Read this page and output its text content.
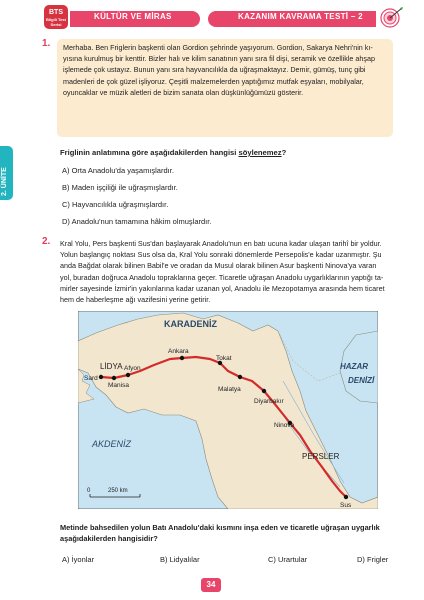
BTS
Bilgili Test Serisi
KÜLTÜR VE MİRAS	KAZANIM KAVRAMA TESTİ – 2
2. ÜNİTE
1. Merhaba. Ben Friglerin başkenti olan Gordion şehrinde yaşıyorum. Gordion, Sakarya Nehri'nin kı-
yısına kurulmuş bir kenttir. Bizler halı ve kilim sanatının yanı sıra fil dişi, seramik ve özellikle ahşap
işlemede çok ustayız. Bunun yanı sıra hayvancılıkla da uğraşmaktayız. Demir, gümüş, tunç gibi
madenleri de çok güzel işliyoruz. Çeşitli malzemelerden yaptığımız mutfak eşyaları, mobilyalar,
oyuncaklar ve müzik aletleri de bizim sanata olan düşkünlüğümüzü gösterir.
Friglinin anlatımına göre aşağıdakilerden hangisi söylenemez?
A) Orta Anadolu'da yaşamışlardır.
B) Maden işçiliği ile uğraşmışlardır.
C) Hayvancılıkla uğraşmışlardır.
D) Anadolu'nun tamamına hâkim olmuşlardır.
2. Kral Yolu, Pers başkenti Sus'dan başlayarak Anadolu'nun en batı ucuna kadar ulaşan tarihî bir yoldur.
Yolun başlangıç noktası Sus olsa da, Kral Yolu sonraki dönemlerde Persepolis'e kadar uzanmıştır. Şu
anda Bağdat olarak bilinen Babil'e ve oradan da Musul olarak bilinen Asur başkenti Ninova'ya varan
yol, buradan doğruca Anadolu topraklarına geçer. Ticaretle uğraşan Anadolu uygarlıklarının yaptığı ta-
mirler sayesinde İzmir'in yakınlarına kadar uzanan yol, Anadolu ile Mezopotamya arasında hem ticaret
hem de haberleşme ağı vazifesini yerine getirir.
KARADENİZ
HAZAR
DENİZİ
AKDENİZ
LİDYA
PERSLER
Ankara
Tokat
Sard
Afyon
Manisa
Malatya
Diyarbakır
Ninova
Sus
0	250 km
Metinde bahsedilen yolun Batı Anadolu'daki kısmını inşa eden ve ticaretle uğraşan uygarlık
aşağıdakilerden hangisidir?
A) İyonlar	B) Lidyalılar	C) Urartular	D) Frigler
34
